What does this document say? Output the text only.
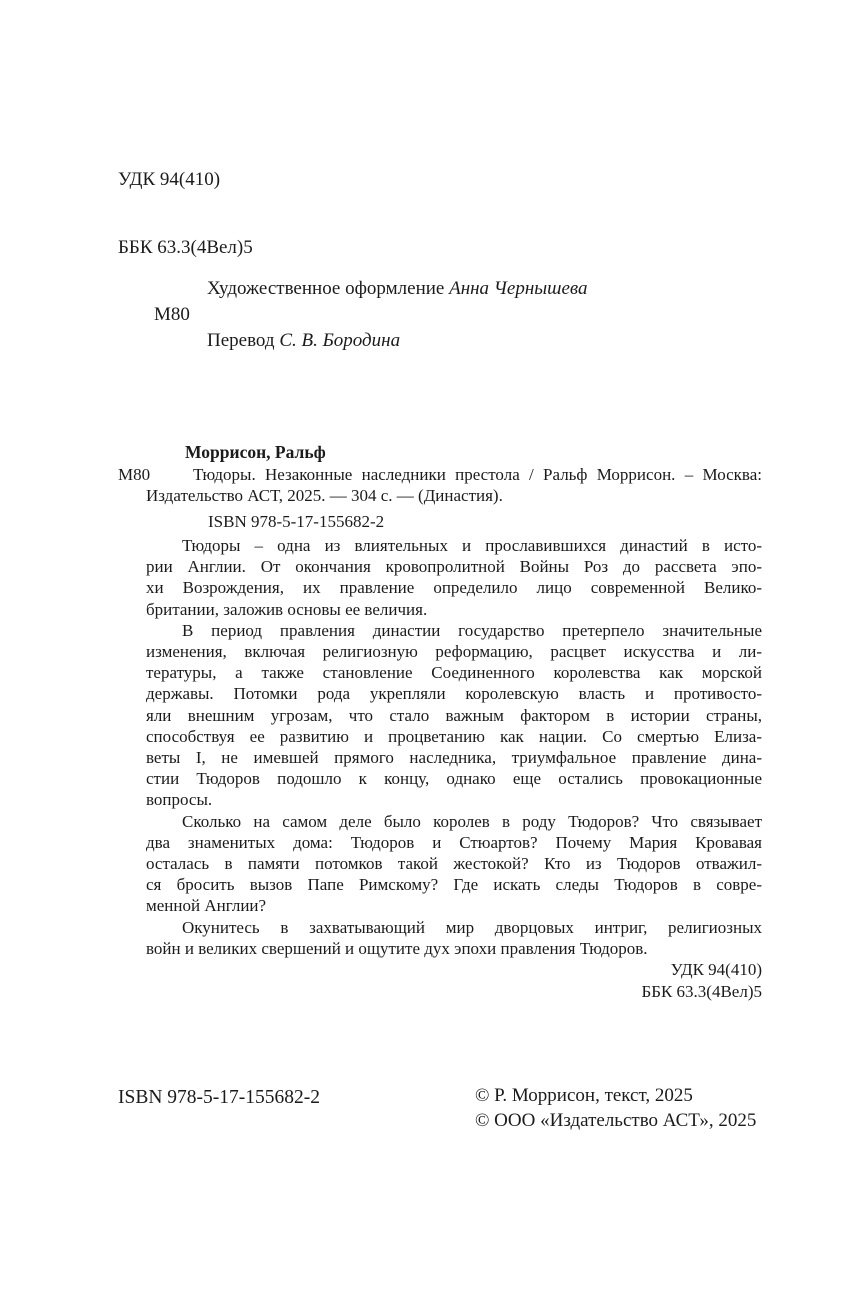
УДК 94(410)

ББК 63.3(4Вел)5

М80

Художественное оформление Анна Чернышева

Перевод С. В. Бородина

М80
Моррисон, Ральф
Тюдоры. Незаконные наследники престола / Ральф Моррисон. – Москва:
Издательство АСТ, 2025. — 304 с. — (Династия).
ISBN 978-5-17-155682-2
Тюдоры – одна из влиятельных и прославившихся династий в исто-
рии Англии. От окончания кровопролитной Войны Роз до рассвета эпо-
хи Возрождения, их правление определило лицо современной Велико-
британии, заложив основы ее величия.
В период правления династии государство претерпело значительные
изменения, включая религиозную реформацию, расцвет искусства и ли-
тературы, а также становление Соединенного королевства как морской
державы. Потомки рода укрепляли королевскую власть и противосто-
яли внешним угрозам, что стало важным фактором в истории страны,
способствуя ее развитию и процветанию как нации. Со смертью Елиза-
веты I, не имевшей прямого наследника, триумфальное правление дина-
стии Тюдоров подошло к концу, однако еще остались провокационные
вопросы.
Сколько на самом деле было королев в роду Тюдоров? Что связывает
два знаменитых дома: Тюдоров и Стюартов? Почему Мария Кровавая
осталась в памяти потомков такой жестокой? Кто из Тюдоров отважил-
ся бросить вызов Папе Римскому? Где искать следы Тюдоров в совре-
менной Англии?
Окунитесь в захватывающий мир дворцовых интриг, религиозных
войн и великих свершений и ощутите дух эпохи правления Тюдоров.
УДК 94(410)
ББК 63.3(4Вел)5
ISBN 978-5-17-155682-2	© Р. Моррисон, текст, 2025
© ООО «Издательство АСТ», 2025
